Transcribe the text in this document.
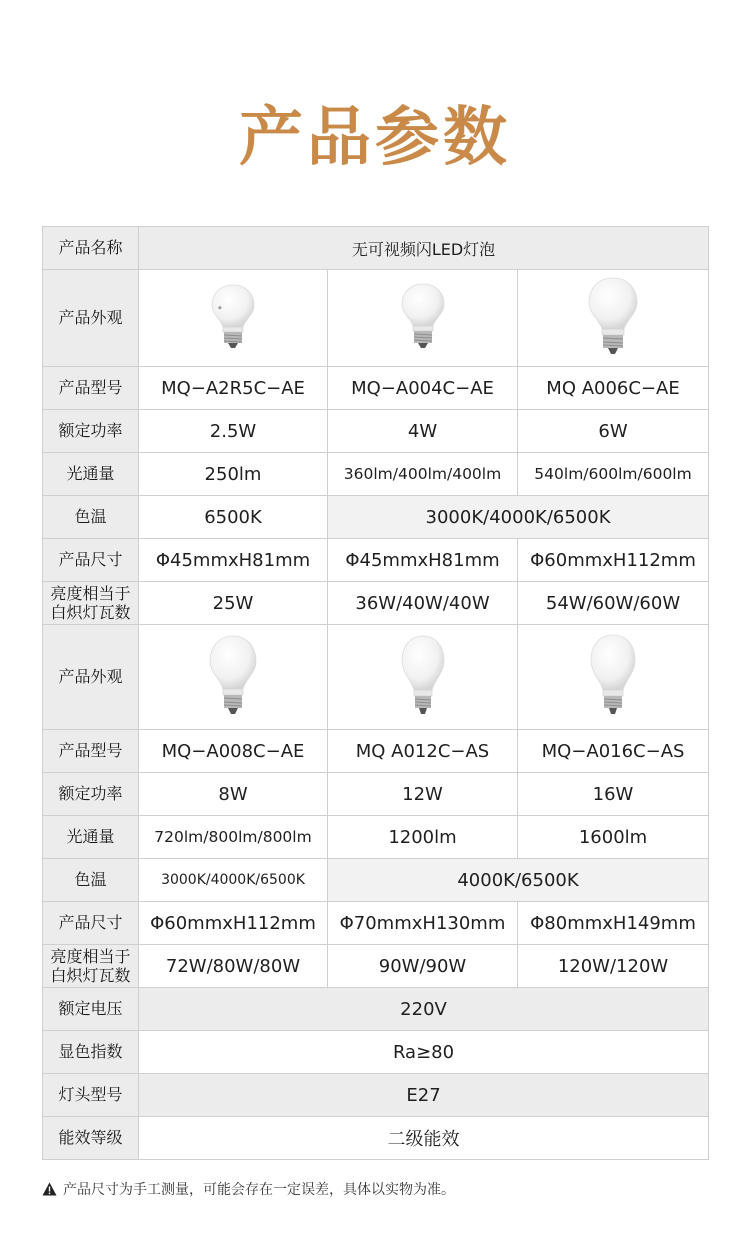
产品参数
产品名称	无可视频闪LED灯泡		
产品外观	◆

产品型号	MQ−A2R5C−AE	MQ−A004C−AE	MQ A006C−AE
额定功率	2.5W	4W	6W
光通量	250lm	360lm/400lm/400lm	540lm/600lm/600lm
色温	6500K	3000K/4000K/6500K	
产品尺寸	Φ45mmxH81mm	Φ45mmxH81mm	Φ60mmxH112mm
亮度相当于白炽灯瓦数	25W	36W/40W/40W	54W/60W/60W
产品外观			
产品型号	MQ−A008C−AE	MQ A012C−AS	MQ−A016C−AS
额定功率	8W	12W	16W
光通量	720lm/800lm/800lm	1200lm	1600lm
色温	3000K/4000K/6500K	4000K/6500K	
产品尺寸	Φ60mmxH112mm	Φ70mmxH130mm	Φ80mmxH149mm
亮度相当于白炽灯瓦数	72W/80W/80W	90W/90W	120W/120W
额定电压	220V		
显色指数	Ra≥80		
灯头型号	E27		
能效等级	二级能效		
产品尺寸为手工测量，可能会存在一定误差，具体以实物为准。
